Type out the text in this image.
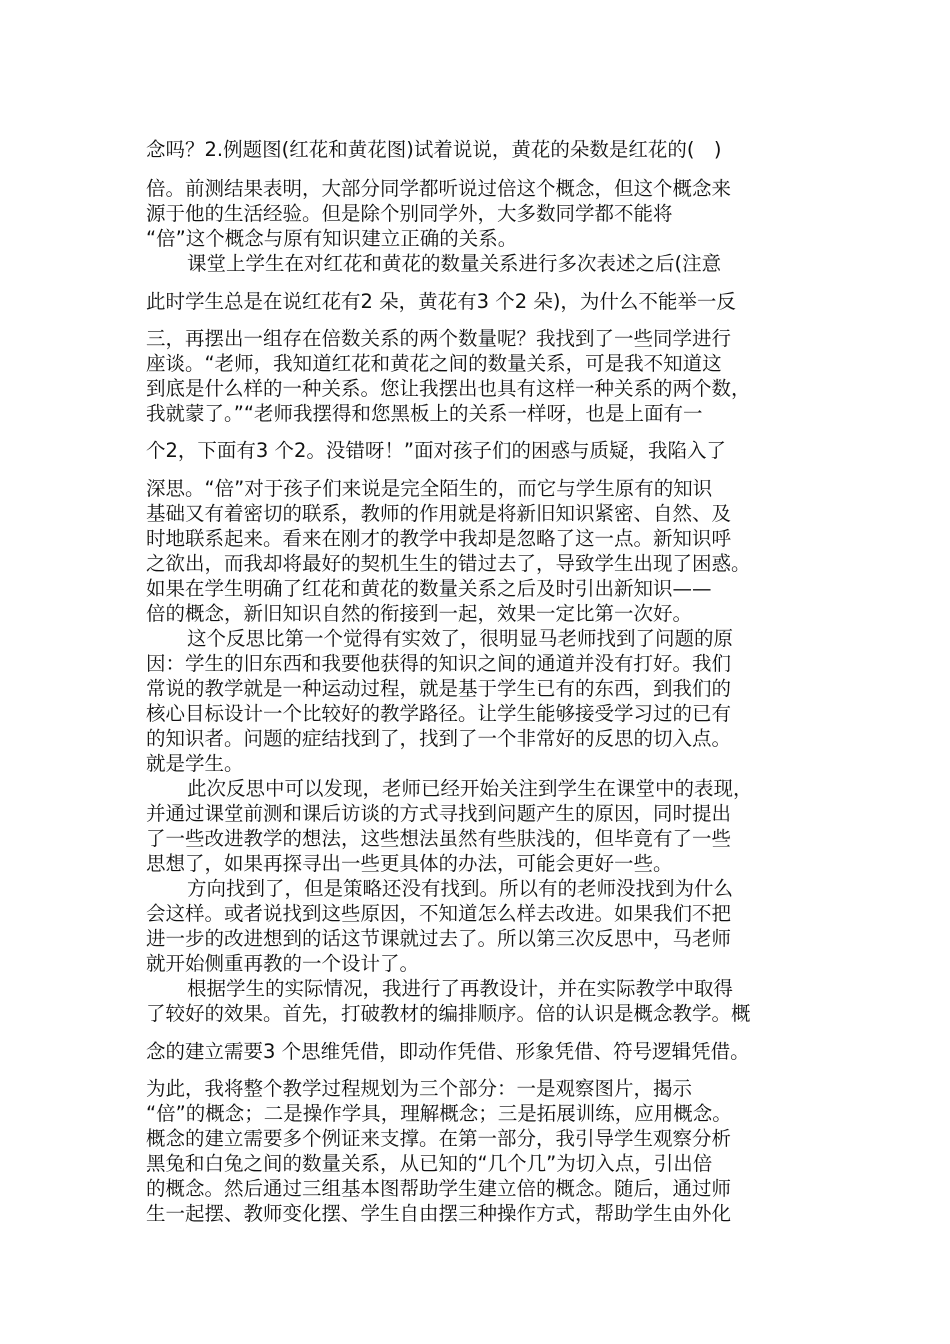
念吗？2.例题图(红花和黄花图)试着说说，黄花的朵数是红花的(　)
倍。前测结果表明，大部分同学都听说过倍这个概念，但这个概念来
源于他的生活经验。但是除个别同学外，大多数同学都不能将
“倍”这个概念与原有知识建立正确的关系。
课堂上学生在对红花和黄花的数量关系进行多次表述之后(注意
此时学生总是在说红花有2 朵，黄花有3 个2 朵)，为什么不能举一反
三，再摆出一组存在倍数关系的两个数量呢？我找到了一些同学进行
座谈。“老师，我知道红花和黄花之间的数量关系，可是我不知道这
到底是什么样的一种关系。您让我摆出也具有这样一种关系的两个数，
我就蒙了。”“老师我摆得和您黑板上的关系一样呀，也是上面有一
个2，下面有3 个2。没错呀！”面对孩子们的困惑与质疑，我陷入了
深思。“倍”对于孩子们来说是完全陌生的，而它与学生原有的知识
基础又有着密切的联系，教师的作用就是将新旧知识紧密、自然、及
时地联系起来。看来在刚才的教学中我却是忽略了这一点。新知识呼
之欲出，而我却将最好的契机生生的错过去了，导致学生出现了困惑。
如果在学生明确了红花和黄花的数量关系之后及时引出新知识——
倍的概念，新旧知识自然的衔接到一起，效果一定比第一次好。
这个反思比第一个觉得有实效了，很明显马老师找到了问题的原
因：学生的旧东西和我要他获得的知识之间的通道并没有打好。我们
常说的教学就是一种运动过程，就是基于学生已有的东西，到我们的
核心目标设计一个比较好的教学路径。让学生能够接受学习过的已有
的知识者。问题的症结找到了，找到了一个非常好的反思的切入点。
就是学生。
此次反思中可以发现，老师已经开始关注到学生在课堂中的表现，
并通过课堂前测和课后访谈的方式寻找到问题产生的原因，同时提出
了一些改进教学的想法，这些想法虽然有些肤浅的，但毕竟有了一些
思想了，如果再探寻出一些更具体的办法，可能会更好一些。
方向找到了，但是策略还没有找到。所以有的老师没找到为什么
会这样。或者说找到这些原因，不知道怎么样去改进。如果我们不把
进一步的改进想到的话这节课就过去了。所以第三次反思中，马老师
就开始侧重再教的一个设计了。
根据学生的实际情况，我进行了再教设计，并在实际教学中取得
了较好的效果。首先，打破教材的编排顺序。倍的认识是概念教学。概
念的建立需要3 个思维凭借，即动作凭借、形象凭借、符号逻辑凭借。
为此，我将整个教学过程规划为三个部分：一是观察图片，揭示
“倍”的概念；二是操作学具，理解概念；三是拓展训练，应用概念。
概念的建立需要多个例证来支撑。在第一部分，我引导学生观察分析
黑兔和白兔之间的数量关系，从已知的“几个几”为切入点，引出倍
的概念。然后通过三组基本图帮助学生建立倍的概念。随后，通过师
生一起摆、教师变化摆、学生自由摆三种操作方式，帮助学生由外化
